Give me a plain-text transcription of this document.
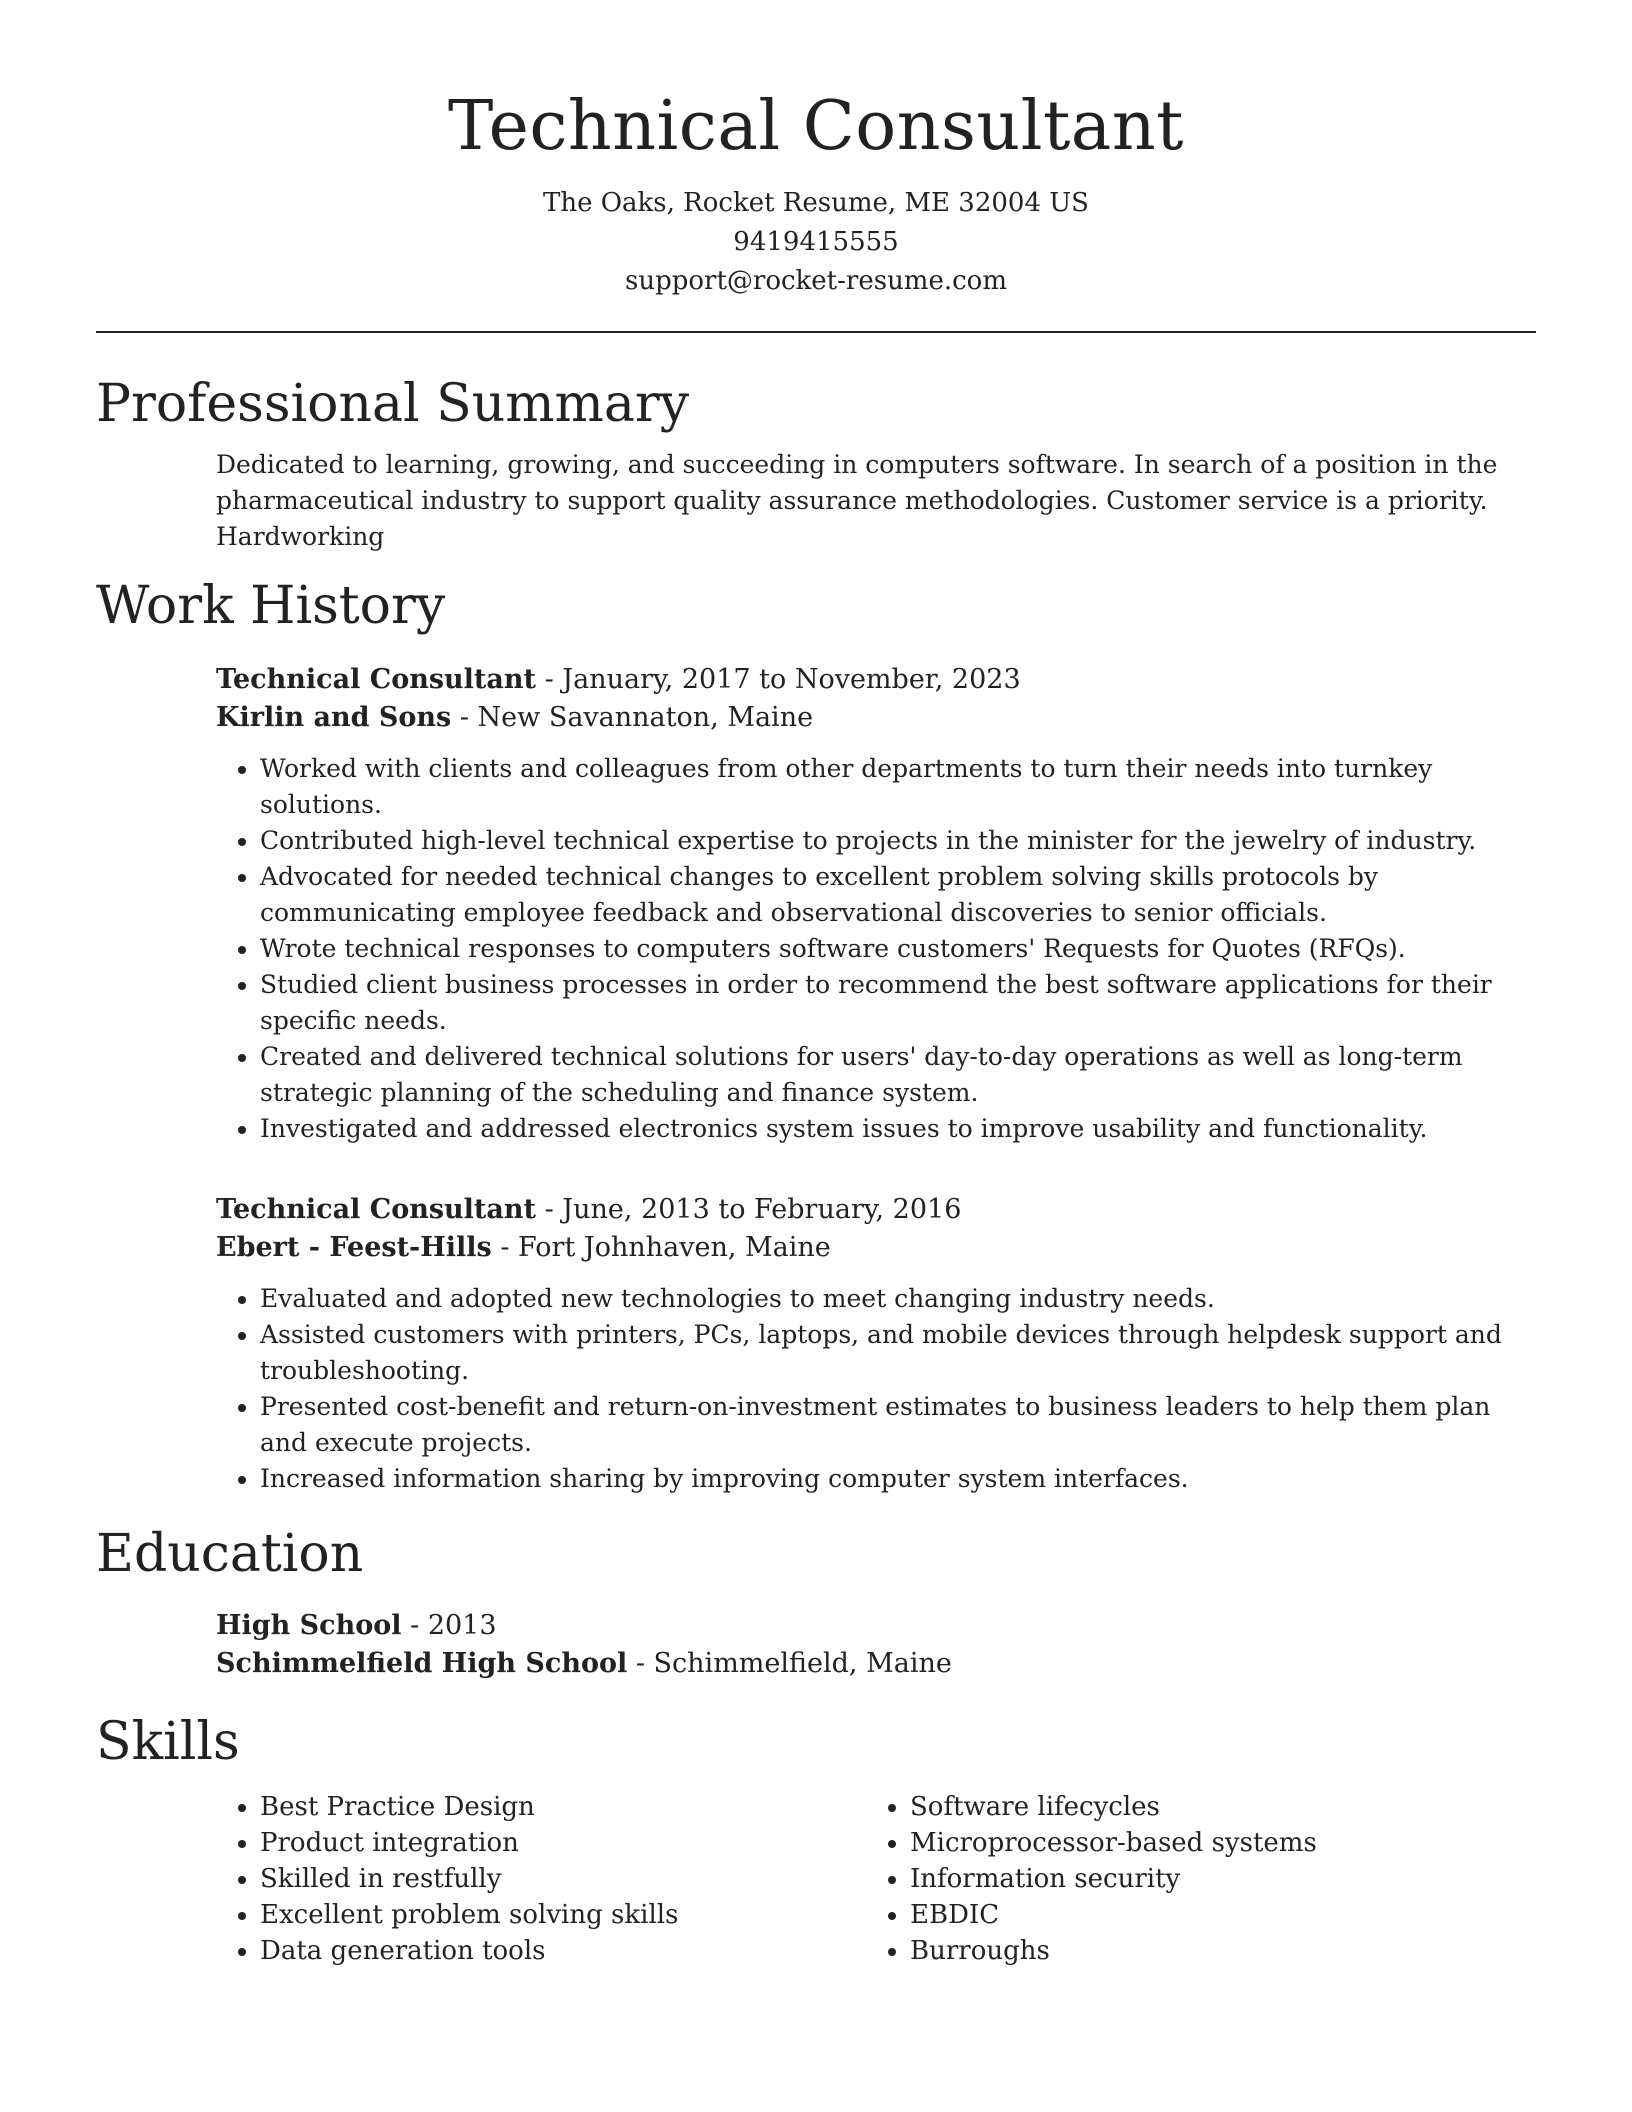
Technical Consultant
The Oaks, Rocket Resume, ME 32004 US
9419415555
support@rocket-resume.com
Professional Summary
Dedicated to learning, growing, and succeeding in computers software. In search of a position in the pharmaceutical industry to support quality assurance methodologies. Customer service is a priority. Hardworking
Work History
Technical Consultant - January, 2017 to November, 2023
Kirlin and Sons - New Savannaton, Maine
• Worked with clients and colleagues from other departments to turn their needs into turnkey solutions.
• Contributed high-level technical expertise to projects in the minister for the jewelry of industry.
• Advocated for needed technical changes to excellent problem solving skills protocols by communicating employee feedback and observational discoveries to senior officials.
• Wrote technical responses to computers software customers' Requests for Quotes (RFQs).
• Studied client business processes in order to recommend the best software applications for their specific needs.
• Created and delivered technical solutions for users' day-to-day operations as well as long-term strategic planning of the scheduling and finance system.
• Investigated and addressed electronics system issues to improve usability and functionality.
Technical Consultant - June, 2013 to February, 2016
Ebert - Feest-Hills - Fort Johnhaven, Maine
• Evaluated and adopted new technologies to meet changing industry needs.
• Assisted customers with printers, PCs, laptops, and mobile devices through helpdesk support and troubleshooting.
• Presented cost-benefit and return-on-investment estimates to business leaders to help them plan and execute projects.
• Increased information sharing by improving computer system interfaces.
Education
High School - 2013
Schimmelfield High School - Schimmelfield, Maine
Skills
• Best Practice Design
• Product integration
• Skilled in restfully
• Excellent problem solving skills
• Data generation tools
• Software lifecycles
• Microprocessor-based systems
• Information security
• EBDIC
• Burroughs
